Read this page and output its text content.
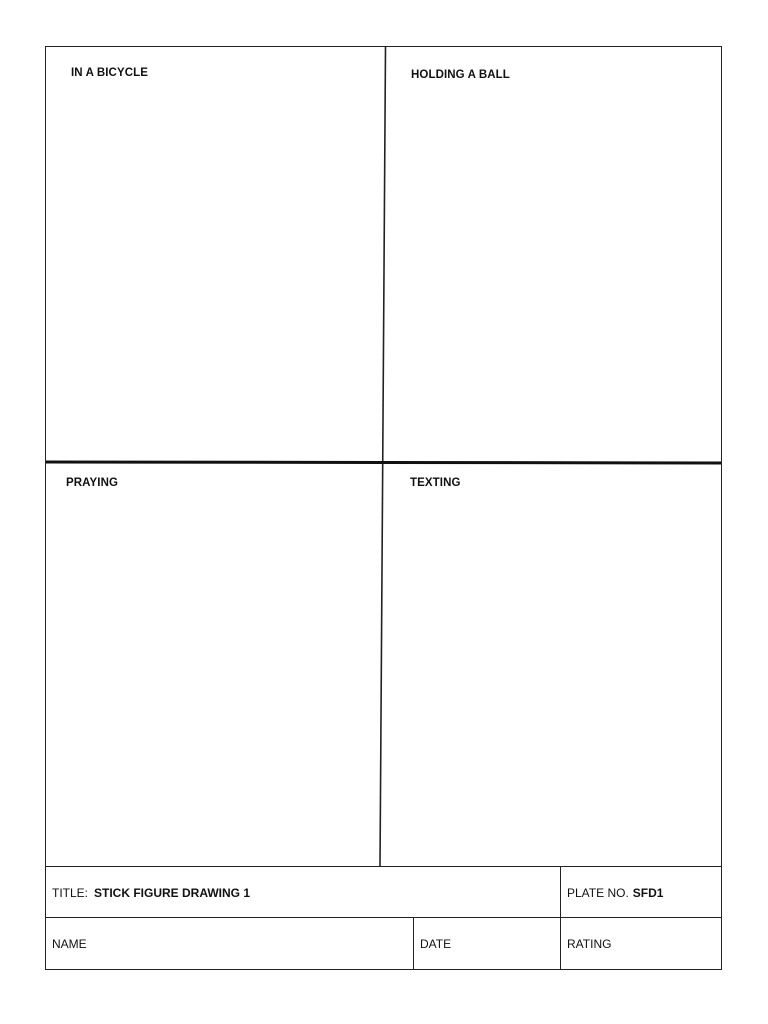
IN A BICYCLE	HOLDING A BALL
PRAYING	TEXTING
TITLE: STICK FIGURE DRAWING 1	PLATE NO. SFD1
NAME	DATE	RATING
